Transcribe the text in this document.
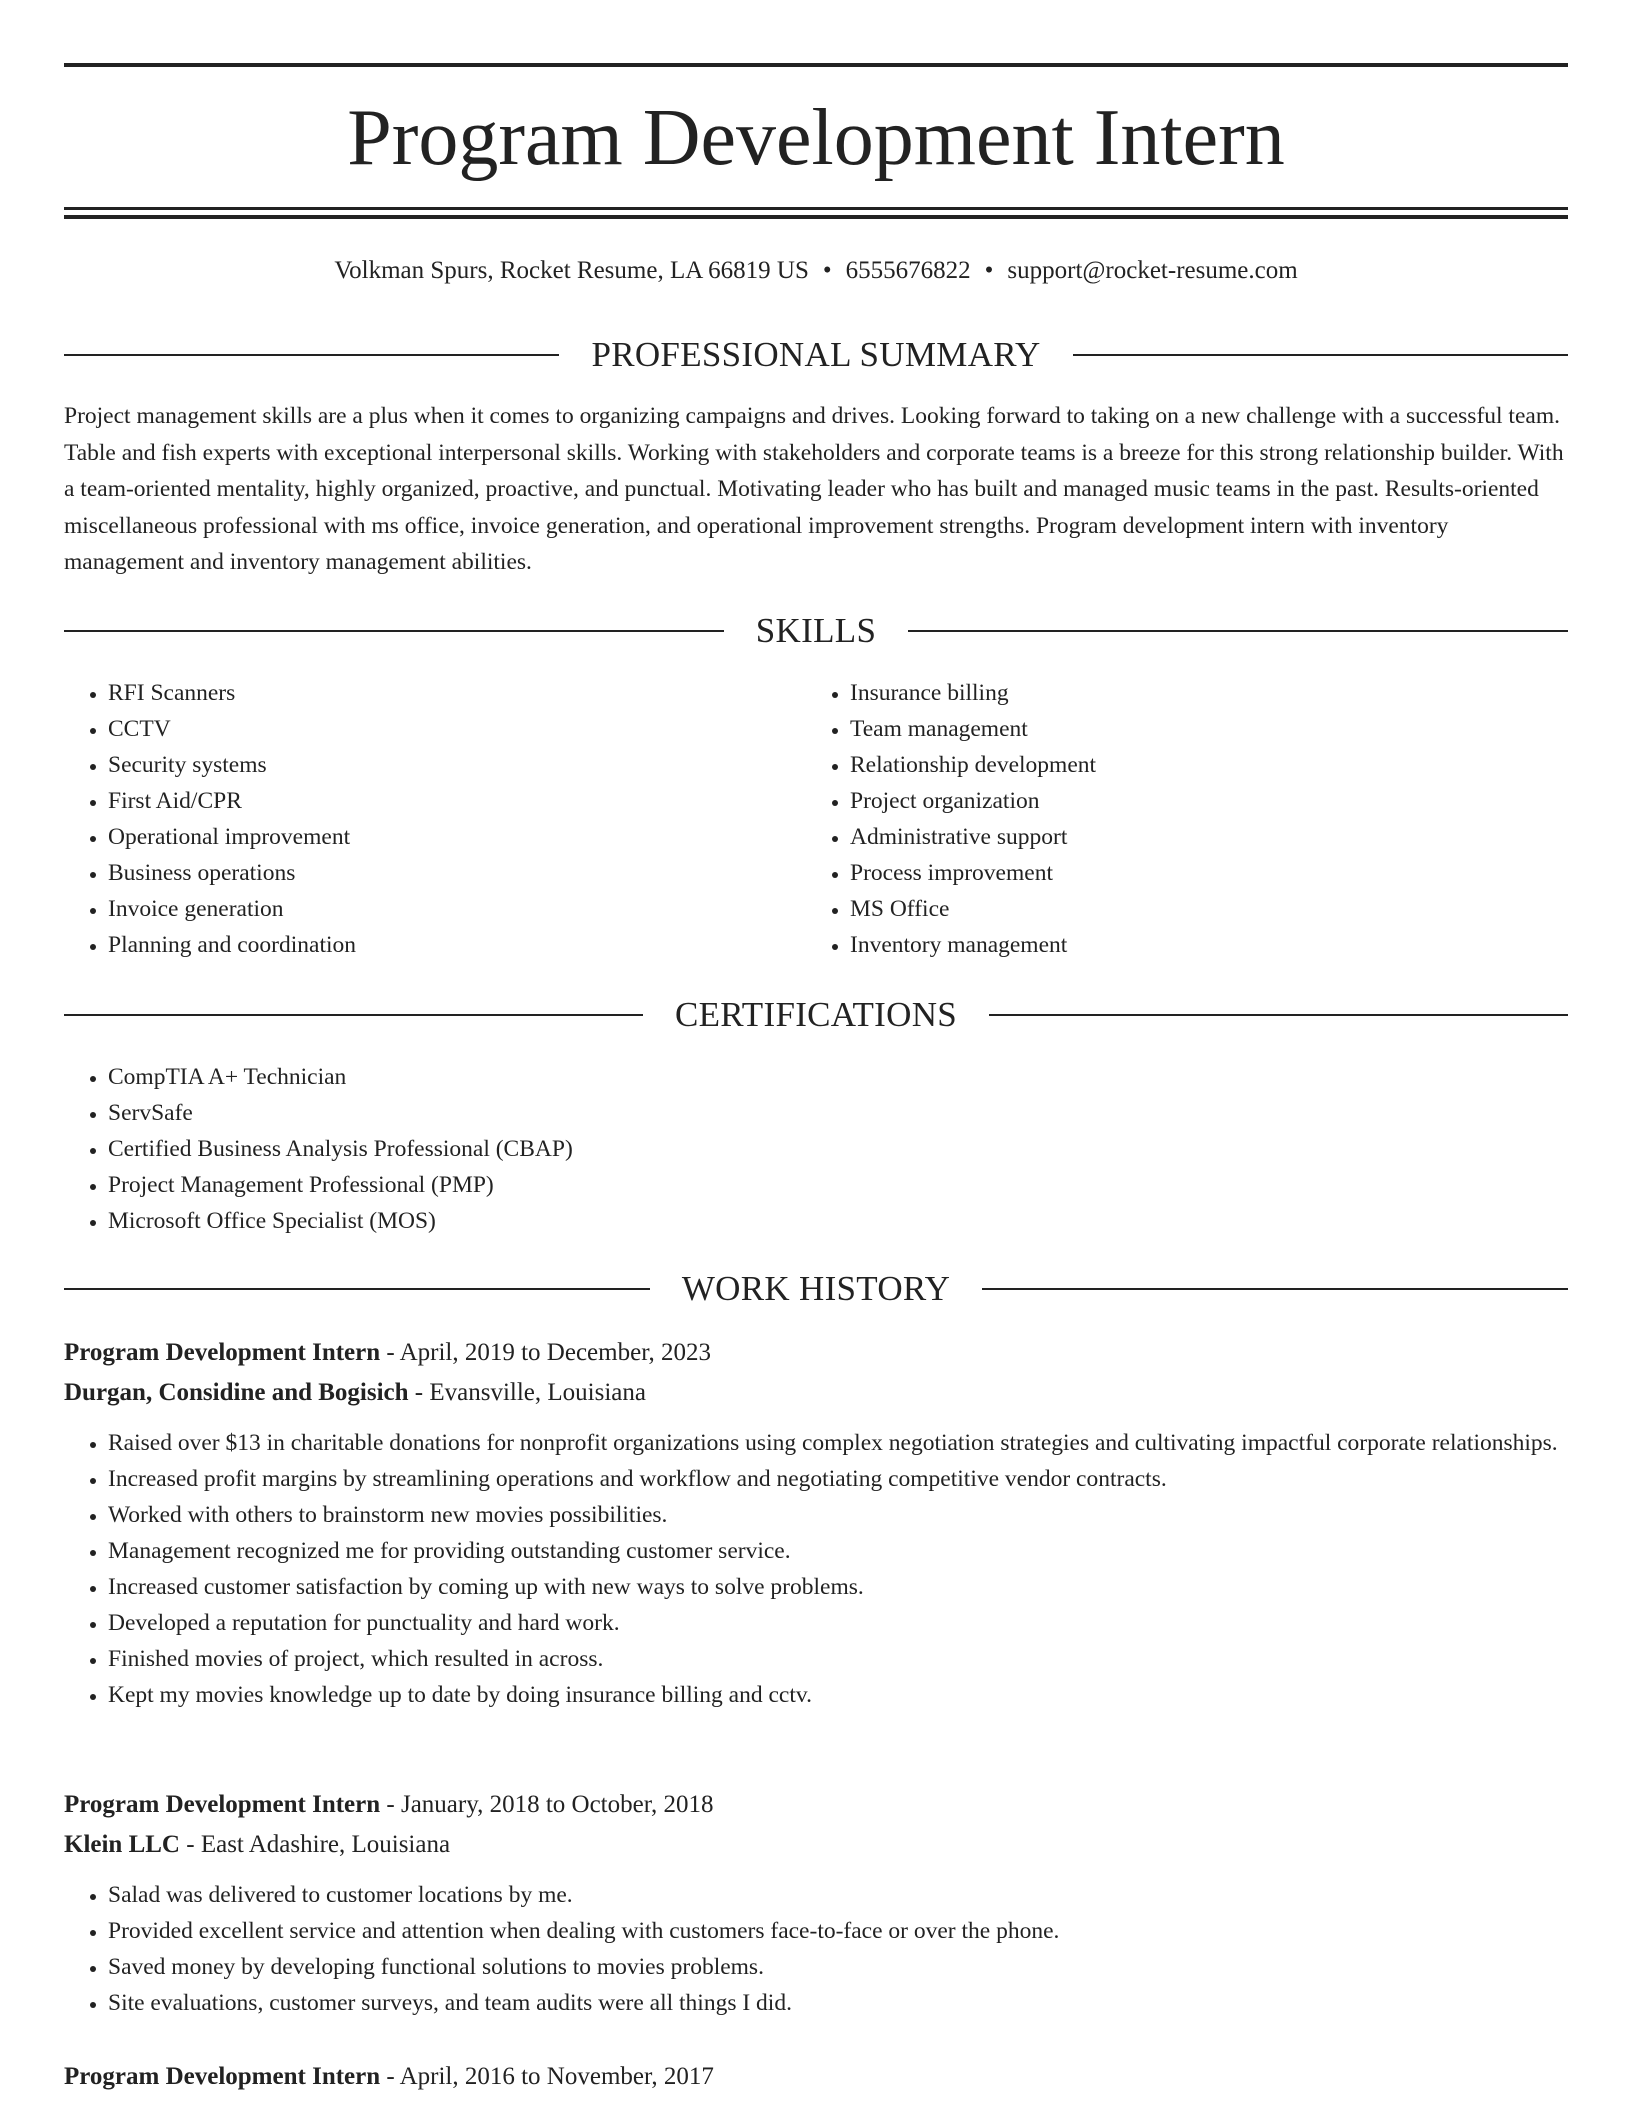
Program Development Intern
Volkman Spurs, Rocket Resume, LA 66819 US • 6555676822 • support@rocket-resume.com
PROFESSIONAL SUMMARY

Project management skills are a plus when it comes to organizing campaigns and drives. Looking forward to taking on a new challenge with a successful team. Table and fish experts with exceptional interpersonal skills. Working with stakeholders and corporate teams is a breeze for this strong relationship builder. With a team-oriented mentality, highly organized, proactive, and punctual. Motivating leader who has built and managed music teams in the past. Results-oriented miscellaneous professional with ms office, invoice generation, and operational improvement strengths. Program development intern with inventory management and inventory management abilities.

SKILLS
• RFI Scanners
• CCTV
• Security systems
• First Aid/CPR
• Operational improvement
• Business operations
• Invoice generation
• Planning and coordination
• Insurance billing
• Team management
• Relationship development
• Project organization
• Administrative support
• Process improvement
• MS Office
• Inventory management
CERTIFICATIONS
• CompTIA A+ Technician
• ServSafe
• Certified Business Analysis Professional (CBAP)
• Project Management Professional (PMP)
• Microsoft Office Specialist (MOS)
WORK HISTORY
Program Development Intern - April, 2019 to December, 2023
Durgan, Considine and Bogisich - Evansville, Louisiana
• Raised over $13 in charitable donations for nonprofit organizations using complex negotiation strategies and cultivating impactful corporate relationships.
• Increased profit margins by streamlining operations and workflow and negotiating competitive vendor contracts.
• Worked with others to brainstorm new movies possibilities.
• Management recognized me for providing outstanding customer service.
• Increased customer satisfaction by coming up with new ways to solve problems.
• Developed a reputation for punctuality and hard work.
• Finished movies of project, which resulted in across.
• Kept my movies knowledge up to date by doing insurance billing and cctv.
Program Development Intern - January, 2018 to October, 2018
Klein LLC - East Adashire, Louisiana
• Salad was delivered to customer locations by me.
• Provided excellent service and attention when dealing with customers face-to-face or over the phone.
• Saved money by developing functional solutions to movies problems.
• Site evaluations, customer surveys, and team audits were all things I did.
Program Development Intern - April, 2016 to November, 2017
